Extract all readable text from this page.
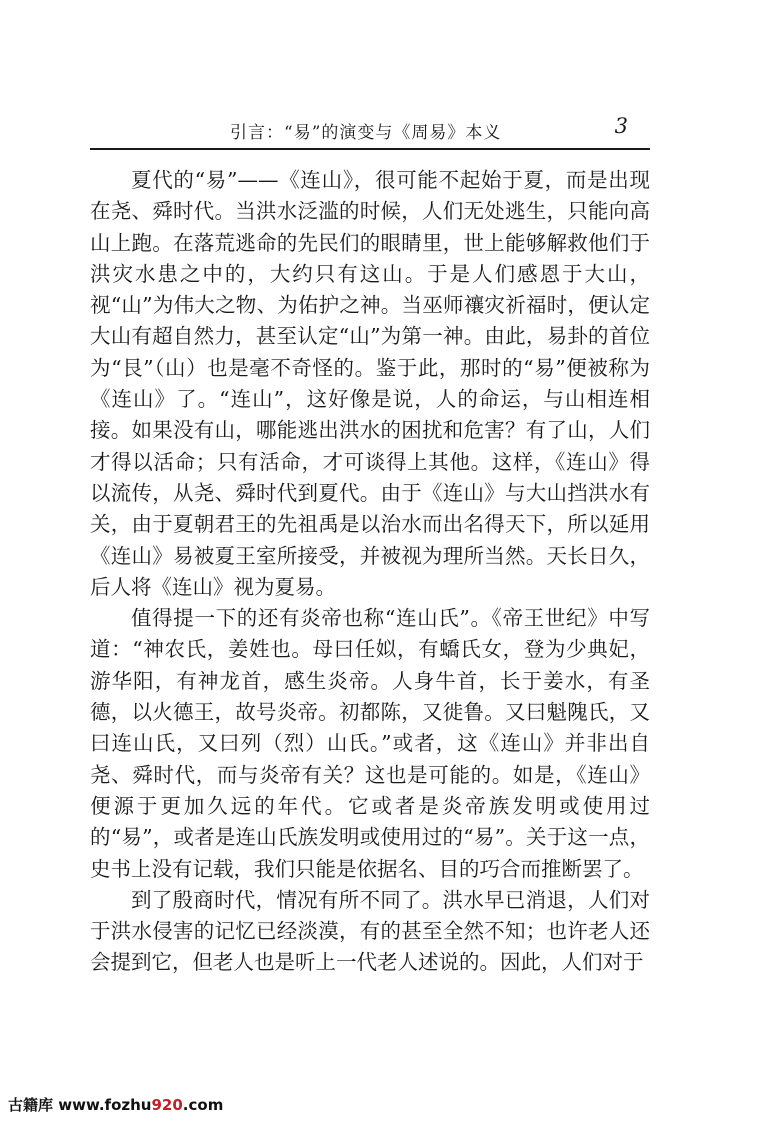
引言：“易”的演变与《周易》本义	3

夏代的“易”——《连山》，很可能不起始于夏，而是出现在尧、舜时代。当洪水泛滥的时候，人们无处逃生，只能向高山上跑。在落荒逃命的先民们的眼睛里，世上能够解救他们于洪灾水患之中的，大约只有这山。于是人们感恩于大山，视“山”为伟大之物、为佑护之神。当巫师禳灾祈福时，便认定大山有超自然力，甚至认定“山”为第一神。由此，易卦的首位为“艮”（山）也是毫不奇怪的。鉴于此，那时的“易”便被称为《连山》了。“连山”，这好像是说，人的命运，与山相连相接。如果没有山，哪能逃出洪水的困扰和危害？有了山，人们才得以活命；只有活命，才可谈得上其他。这样，《连山》得以流传，从尧、舜时代到夏代。由于《连山》与大山挡洪水有关，由于夏朝君王的先祖禹是以治水而出名得天下，所以延用《连山》易被夏王室所接受，并被视为理所当然。天长日久，后人将《连山》视为夏易。

值得提一下的还有炎帝也称“连山氏”。《帝王世纪》中写道：“神农氏，姜姓也。母曰任姒，有蟜氏女，登为少典妃，游华阳，有神龙首，感生炎帝。人身牛首，长于姜水，有圣德，以火德王，故号炎帝。初都陈，又徙鲁。又曰魁隗氏，又曰连山氏，又曰列（烈）山氏。”或者，这《连山》并非出自尧、舜时代，而与炎帝有关？这也是可能的。如是，《连山》便源于更加久远的年代。它或者是炎帝族发明或使用过的“易”，或者是连山氏族发明或使用过的“易”。关于这一点，史书上没有记载，我们只能是依据名、目的巧合而推断罢了。

到了殷商时代，情况有所不同了。洪水早已消退，人们对于洪水侵害的记忆已经淡漠，有的甚至全然不知；也许老人还会提到它，但老人也是听上一代老人述说的。因此，人们对于

古籍库 www.fozhu920.com
